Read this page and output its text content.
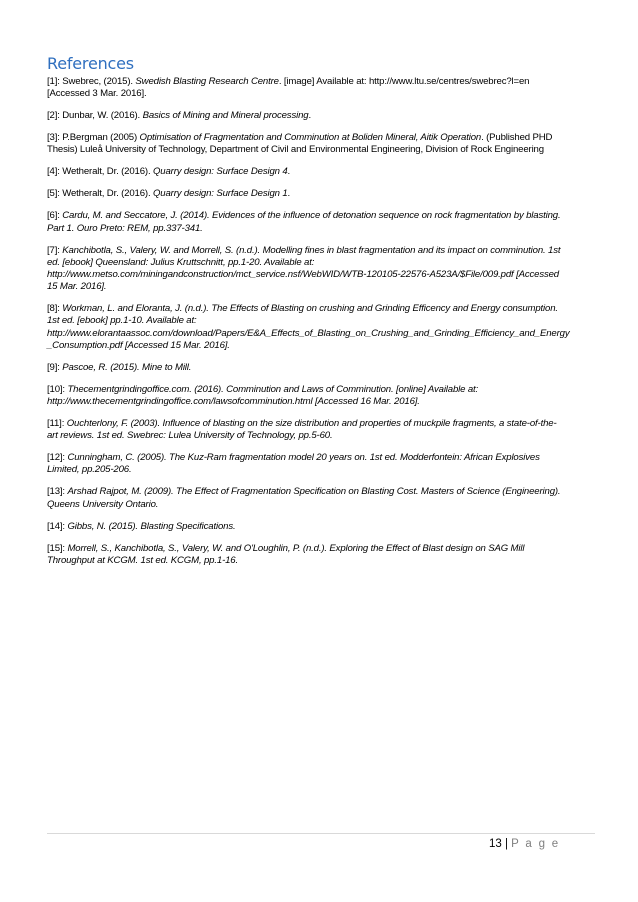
References

[1]: Swebrec, (2015). Swedish Blasting Research Centre. [image] Available at: http://www.ltu.se/centres/swebrec?l=en

[Accessed 3 Mar. 2016].

[2]: Dunbar, W. (2016). Basics of Mining and Mineral processing.

[3]: P.Bergman (2005) Optimisation of Fragmentation and Comminution at Boliden Mineral, Aitik Operation. (Published PHD

Thesis) Luleå University of Technology, Department of Civil and Environmental Engineering, Division of Rock Engineering

[4]: Wetheralt, Dr. (2016). Quarry design: Surface Design 4.

[5]: Wetheralt, Dr. (2016). Quarry design: Surface Design 1.

[6]: Cardu, M. and Seccatore, J. (2014). Evidences of the influence of detonation sequence on rock fragmentation by blasting.

Part 1. Ouro Preto: REM, pp.337-341.

[7]: Kanchibotla, S., Valery, W. and Morrell, S. (n.d.). Modelling fines in blast fragmentation and its impact on comminution. 1st

ed. [ebook] Queensland: Julius Kruttschnitt, pp.1-20. Available at:

http://www.metso.com/miningandconstruction/mct_service.nsf/WebWID/WTB-120105-22576-A523A/$File/009.pdf [Accessed

15 Mar. 2016].

[8]: Workman, L. and Eloranta, J. (n.d.). The Effects of Blasting on crushing and Grinding Efficency and Energy consumption.

1st ed. [ebook] pp.1-10. Available at:

http://www.elorantaassoc.com/download/Papers/E&A_Effects_of_Blasting_on_Crushing_and_Grinding_Efficiency_and_Energy

_Consumption.pdf [Accessed 15 Mar. 2016].

[9]: Pascoe, R. (2015). Mine to Mill.

[10]: Thecementgrindingoffice.com. (2016). Comminution and Laws of Comminution. [online] Available at:

http://www.thecementgrindingoffice.com/lawsofcomminution.html [Accessed 16 Mar. 2016].

[11]: Ouchterlony, F. (2003). Influence of blasting on the size distribution and properties of muckpile fragments, a state-of-the-

art reviews. 1st ed. Swebrec: Lulea University of Technology, pp.5-60.

[12]: Cunningham, C. (2005). The Kuz-Ram fragmentation model 20 years on. 1st ed. Modderfontein: African Explosives

Limited, pp.205-206.

[13]: Arshad Rajpot, M. (2009). The Effect of Fragmentation Specification on Blasting Cost. Masters of Science (Engineering).

Queens University Ontario.

[14]: Gibbs, N. (2015). Blasting Specifications.

[15]: Morrell, S., Kanchibotla, S., Valery, W. and O'Loughlin, P. (n.d.). Exploring the Effect of Blast design on SAG Mill

Throughput at KCGM. 1st ed. KCGM, pp.1-16.

13 | P a g e
